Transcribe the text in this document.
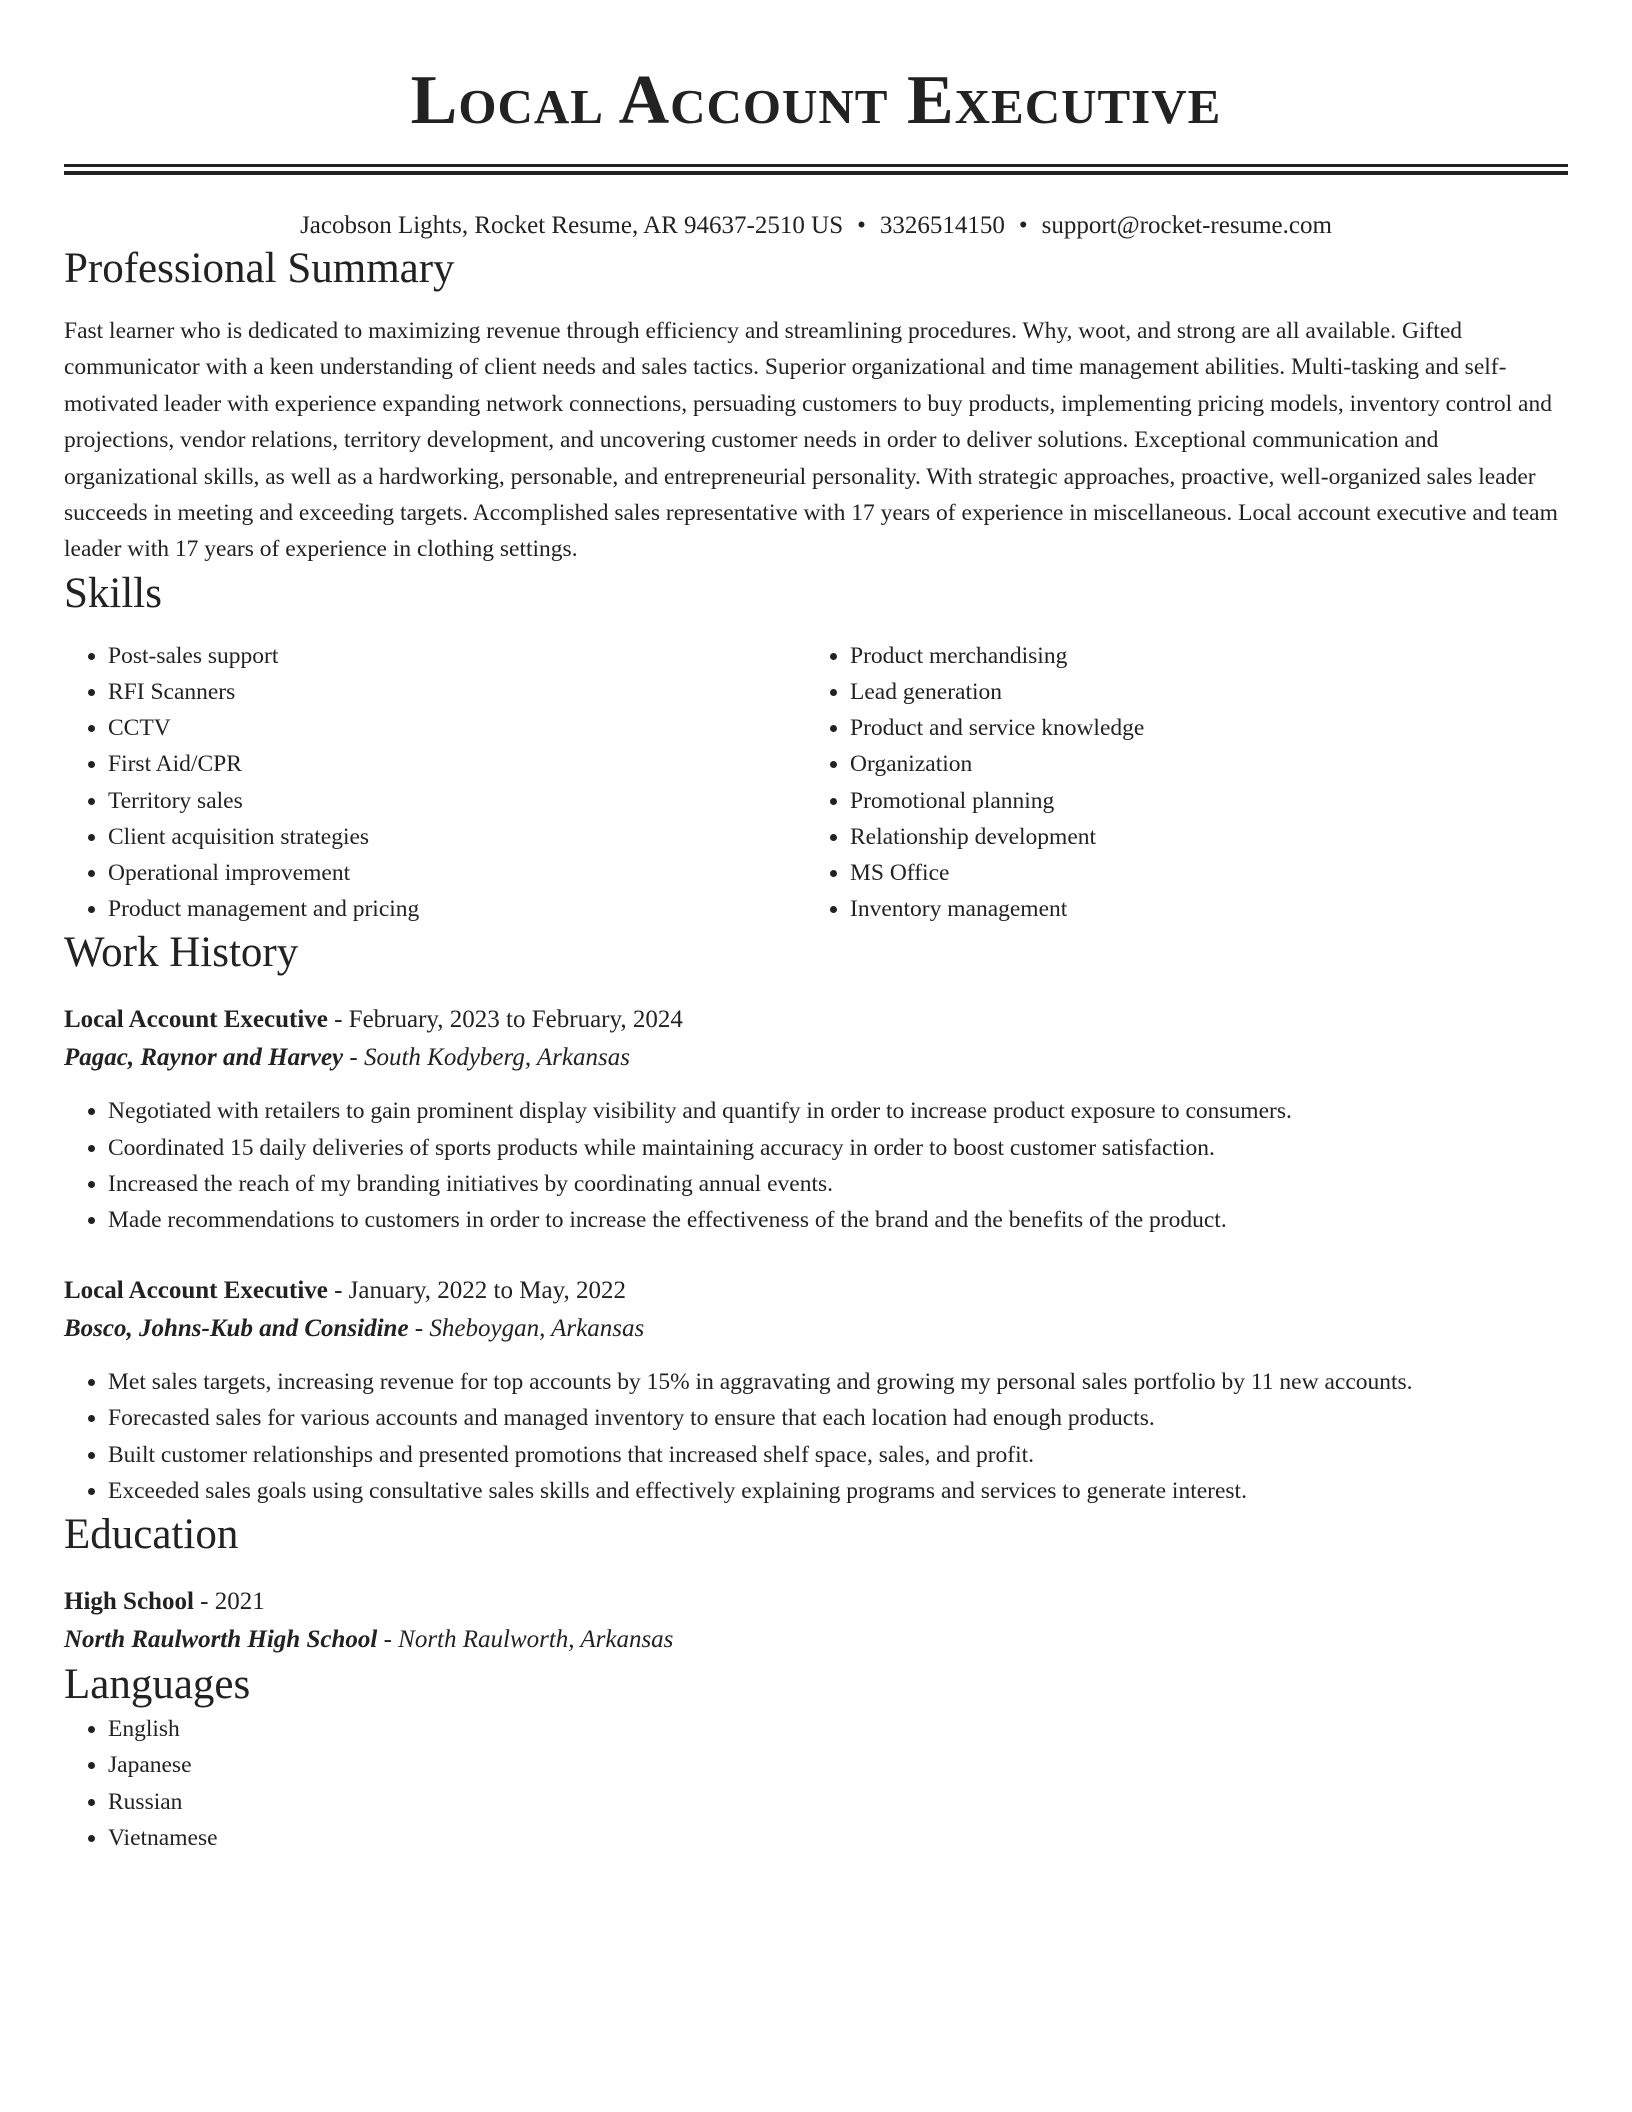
Local Account Executive
Jacobson Lights, Rocket Resume, AR 94637-2510 US • 3326514150 • support@rocket-resume.com
Professional Summary

Fast learner who is dedicated to maximizing revenue through efficiency and streamlining procedures. Why, woot, and strong are all available. Gifted communicator with a keen understanding of client needs and sales tactics. Superior organizational and time management abilities. Multi-tasking and self-motivated leader with experience expanding network connections, persuading customers to buy products, implementing pricing models, inventory control and projections, vendor relations, territory development, and uncovering customer needs in order to deliver solutions. Exceptional communication and organizational skills, as well as a hardworking, personable, and entrepreneurial personality. With strategic approaches, proactive, well-organized sales leader succeeds in meeting and exceeding targets. Accomplished sales representative with 17 years of experience in miscellaneous. Local account executive and team leader with 17 years of experience in clothing settings.

Skills
• Post-sales support
• RFI Scanners
• CCTV
• First Aid/CPR
• Territory sales
• Client acquisition strategies
• Operational improvement
• Product management and pricing
• Product merchandising
• Lead generation
• Product and service knowledge
• Organization
• Promotional planning
• Relationship development
• MS Office
• Inventory management
Work History
Local Account Executive - February, 2023 to February, 2024
Pagac, Raynor and Harvey - South Kodyberg, Arkansas
• Negotiated with retailers to gain prominent display visibility and quantify in order to increase product exposure to consumers.
• Coordinated 15 daily deliveries of sports products while maintaining accuracy in order to boost customer satisfaction.
• Increased the reach of my branding initiatives by coordinating annual events.
• Made recommendations to customers in order to increase the effectiveness of the brand and the benefits of the product.
Local Account Executive - January, 2022 to May, 2022
Bosco, Johns-Kub and Considine - Sheboygan, Arkansas
• Met sales targets, increasing revenue for top accounts by 15% in aggravating and growing my personal sales portfolio by 11 new accounts.
• Forecasted sales for various accounts and managed inventory to ensure that each location had enough products.
• Built customer relationships and presented promotions that increased shelf space, sales, and profit.
• Exceeded sales goals using consultative sales skills and effectively explaining programs and services to generate interest.
Education
High School - 2021
North Raulworth High School - North Raulworth, Arkansas
Languages
• English
• Japanese
• Russian
• Vietnamese
